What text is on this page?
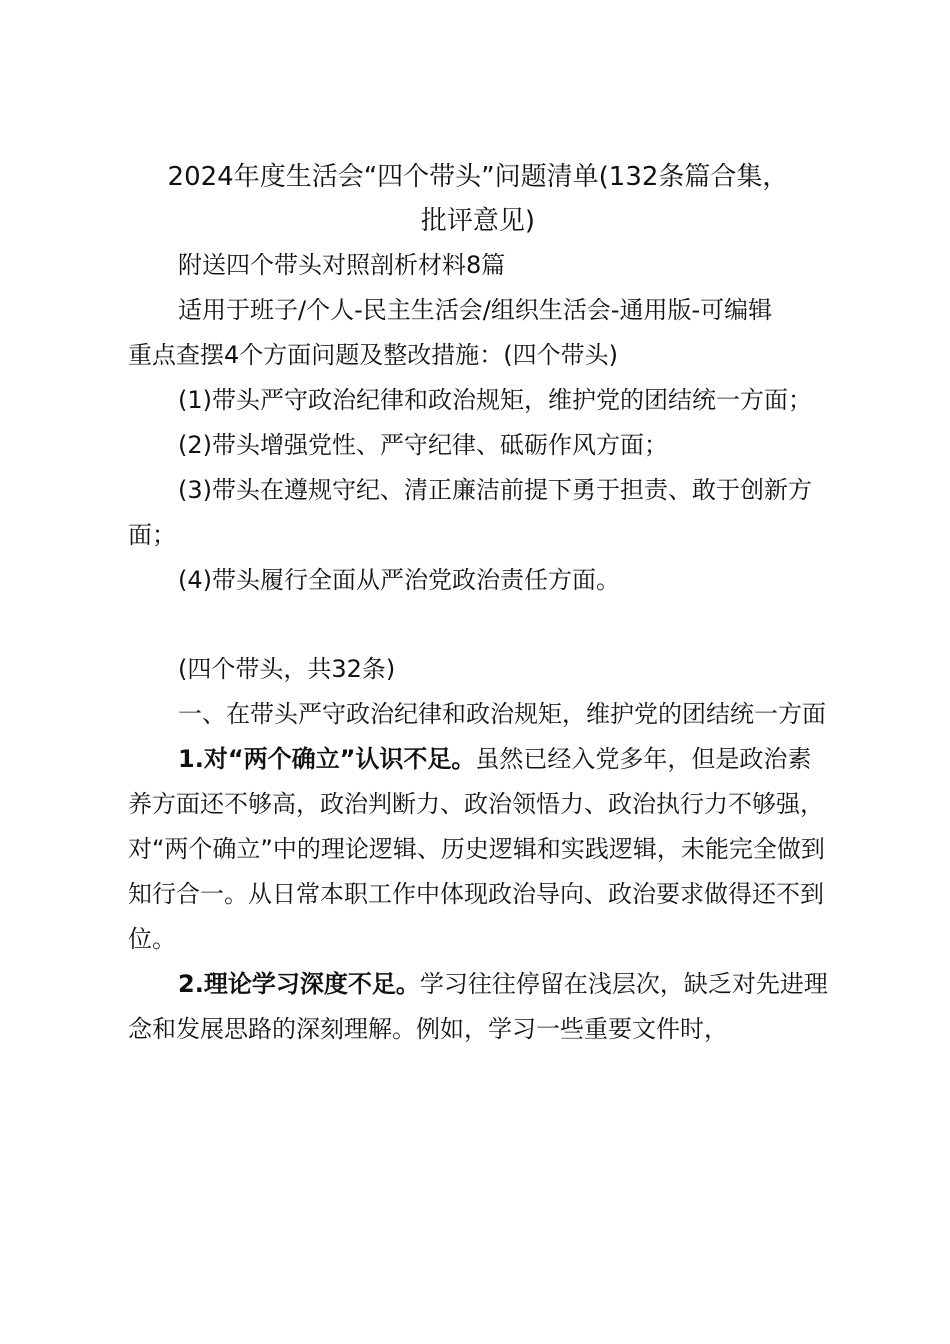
2024年度生活会“四个带头”问题清单(132条篇合集，
批评意见)

附送四个带头对照剖析材料8篇

适用于班子/个人-民主生活会/组织生活会-通用版-可编辑

重点查摆4个方面问题及整改措施：(四个带头)

(1)带头严守政治纪律和政治规矩，维护党的团结统一方面；

(2)带头增强党性、严守纪律、砥砺作风方面；

(3)带头在遵规守纪、清正廉洁前提下勇于担责、敢于创新方面；

(4)带头履行全面从严治党政治责任方面。

(四个带头，共32条)

一、在带头严守政治纪律和政治规矩，维护党的团结统一方面

1.对“两个确立”认识不足。虽然已经入党多年，但是政治素养方面还不够高，政治判断力、政治领悟力、政治执行力不够强，对“两个确立”中的理论逻辑、历史逻辑和实践逻辑，未能完全做到知行合一。从日常本职工作中体现政治导向、政治要求做得还不到位。

2.理论学习深度不足。学习往往停留在浅层次，缺乏对先进理念和发展思路的深刻理解。例如，学习一些重要文件时，
